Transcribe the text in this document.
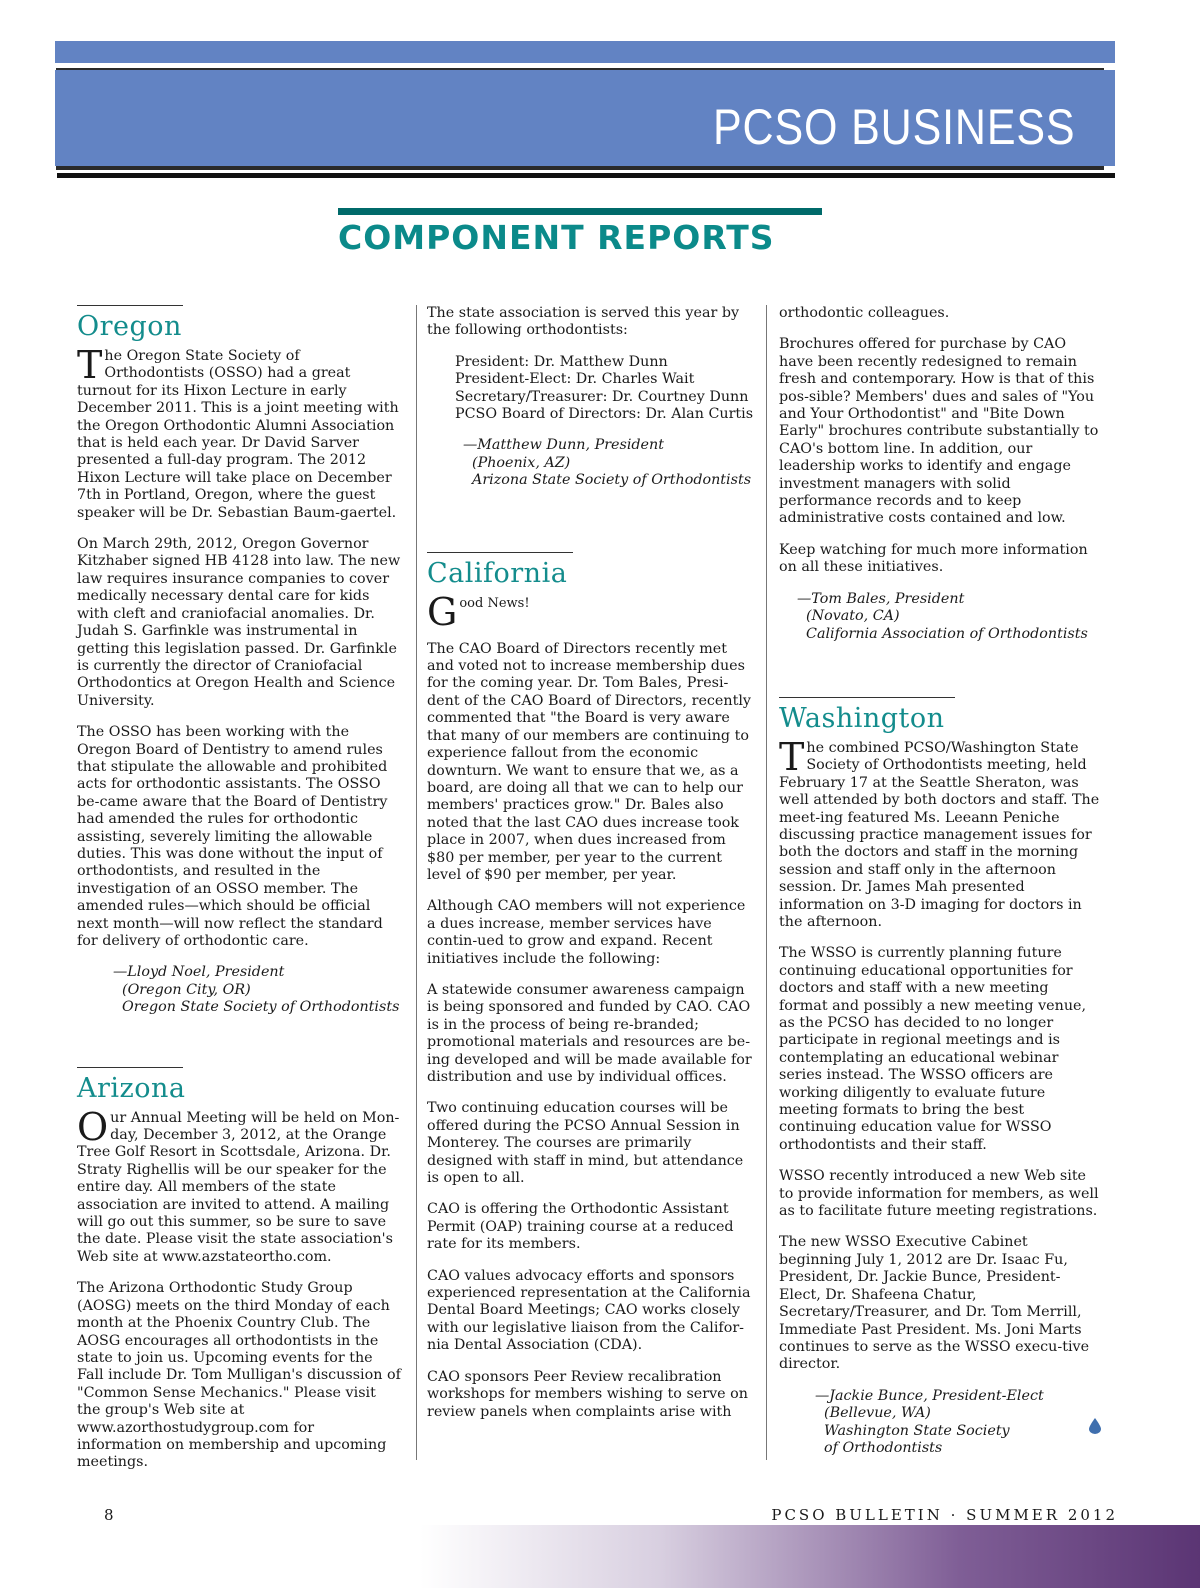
PCSO BUSINESS
COMPONENT REPORTS
Oregon

The Oregon State Society of Orthodontists (OSSO) had a great turnout for its Hixon Lecture in early December 2011. This is a joint meeting with the Oregon Orthodontic Alumni Association that is held each year. Dr David Sarver presented a full-day program. The 2012 Hixon Lecture will take place on December 7th in Portland, Oregon, where the guest speaker will be Dr. Sebastian Baum-gaertel.

On March 29th, 2012, Oregon Governor Kitzhaber signed HB 4128 into law. The new law requires insurance companies to cover medically necessary dental care for kids with cleft and craniofacial anomalies. Dr. Judah S. Garfinkle was instrumental in getting this legislation passed. Dr. Garfinkle is currently the director of Craniofacial Orthodontics at Oregon Health and Science University.

The OSSO has been working with the Oregon Board of Dentistry to amend rules that stipulate the allowable and prohibited acts for orthodontic assistants. The OSSO be-came aware that the Board of Dentistry had amended the rules for orthodontic assisting, severely limiting the allowable duties. This was done without the input of orthodontists, and resulted in the investigation of an OSSO member. The amended rules—which should be official next month—will now reflect the standard for delivery of orthodontic care.

—Lloyd Noel, President
(Oregon City, OR)
Oregon State Society of Orthodontists
Arizona

Our Annual Meeting will be held on Mon-day, December 3, 2012, at the Orange Tree Golf Resort in Scottsdale, Arizona. Dr. Straty Righellis will be our speaker for the entire day. All members of the state association are invited to attend. A mailing will go out this summer, so be sure to save the date. Please visit the state association's Web site at www.azstateortho.com.

The Arizona Orthodontic Study Group (AOSG) meets on the third Monday of each month at the Phoenix Country Club. The AOSG encourages all orthodontists in the state to join us. Upcoming events for the Fall include Dr. Tom Mulligan's discussion of "Common Sense Mechanics." Please visit the group's Web site at www.azorthostudygroup.com for information on membership and upcoming meetings.

The state association is served this year by the following orthodontists:

President: Dr. Matthew Dunn
President-Elect: Dr. Charles Wait
Secretary/Treasurer: Dr. Courtney Dunn
PCSO Board of Directors: Dr. Alan Curtis
—Matthew Dunn, President
(Phoenix, AZ)
Arizona State Society of Orthodontists
California

Good News!

The CAO Board of Directors recently met and voted not to increase membership dues for the coming year. Dr. Tom Bales, Presi-dent of the CAO Board of Directors, recently commented that "the Board is very aware that many of our members are continuing to experience fallout from the economic downturn. We want to ensure that we, as a board, are doing all that we can to help our members' practices grow." Dr. Bales also noted that the last CAO dues increase took place in 2007, when dues increased from $80 per member, per year to the current level of $90 per member, per year.

Although CAO members will not experience a dues increase, member services have contin-ued to grow and expand. Recent initiatives include the following:

A statewide consumer awareness campaign is being sponsored and funded by CAO. CAO is in the process of being re-branded; promotional materials and resources are be-ing developed and will be made available for distribution and use by individual offices.

Two continuing education courses will be offered during the PCSO Annual Session in Monterey. The courses are primarily designed with staff in mind, but attendance is open to all.

CAO is offering the Orthodontic Assistant Permit (OAP) training course at a reduced rate for its members.

CAO values advocacy efforts and sponsors experienced representation at the California Dental Board Meetings; CAO works closely with our legislative liaison from the Califor-nia Dental Association (CDA).

CAO sponsors Peer Review recalibration workshops for members wishing to serve on review panels when complaints arise with

orthodontic colleagues.

Brochures offered for purchase by CAO have been recently redesigned to remain fresh and contemporary. How is that of this pos-sible? Members' dues and sales of "You and Your Orthodontist" and "Bite Down Early" brochures contribute substantially to CAO's bottom line. In addition, our leadership works to identify and engage investment managers with solid performance records and to keep administrative costs contained and low.

Keep watching for much more information on all these initiatives.

—Tom Bales, President
(Novato, CA)
California Association of Orthodontists
Washington

The combined PCSO/Washington State Society of Orthodontists meeting, held February 17 at the Seattle Sheraton, was well attended by both doctors and staff. The meet-ing featured Ms. Leeann Peniche discussing practice management issues for both the doctors and staff in the morning session and staff only in the afternoon session. Dr. James Mah presented information on 3-D imaging for doctors in the afternoon.

The WSSO is currently planning future continuing educational opportunities for doctors and staff with a new meeting format and possibly a new meeting venue, as the PCSO has decided to no longer participate in regional meetings and is contemplating an educational webinar series instead. The WSSO officers are working diligently to evaluate future meeting formats to bring the best continuing education value for WSSO orthodontists and their staff.

WSSO recently introduced a new Web site to provide information for members, as well as to facilitate future meeting registrations.

The new WSSO Executive Cabinet beginning July 1, 2012 are Dr. Isaac Fu, President, Dr. Jackie Bunce, President-Elect, Dr. Shafeena Chatur, Secretary/Treasurer, and Dr. Tom Merrill, Immediate Past President. Ms. Joni Marts continues to serve as the WSSO execu-tive director.

—Jackie Bunce, President-Elect
(Bellevue, WA)
Washington State Society
of Orthodontists
8	PCSO BULLETIN · SUMMER 2012
